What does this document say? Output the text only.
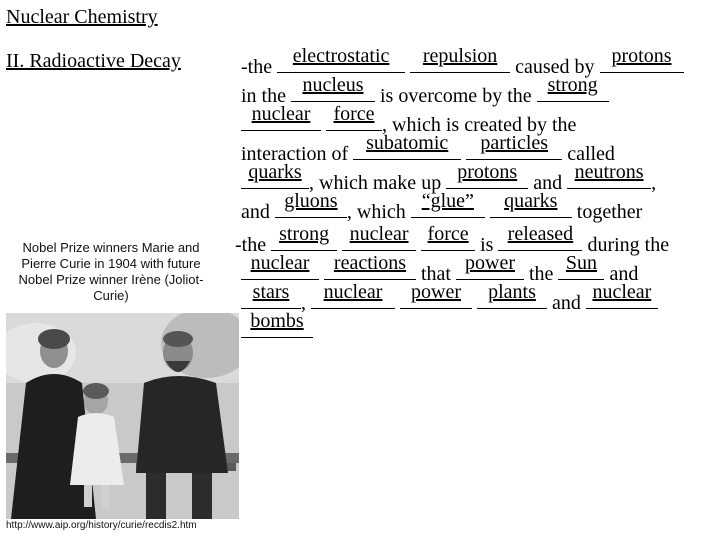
Nuclear Chemistry
II. Radioactive Decay	-the electrostatic
	repulsion caused by protons
in the nucleus is overcome by the strong
nuclear
	force , which is created by the
interaction of subatomic
	particles called
quarks , which make up protons and neutrons ,
and gluons , which “glue”
	quarks together
-the strong
	nuclear
force is released during the
nuclear
	reactions that power the Sun and
stars , nuclear
	power
	plants and nuclear
bombs
Nobel Prize winners Marie and Pierre Curie in 1904 with future Nobel Prize winner Irène (Joliot-Curie)
http://www.aip.org/history/curie/recdis2.htm
